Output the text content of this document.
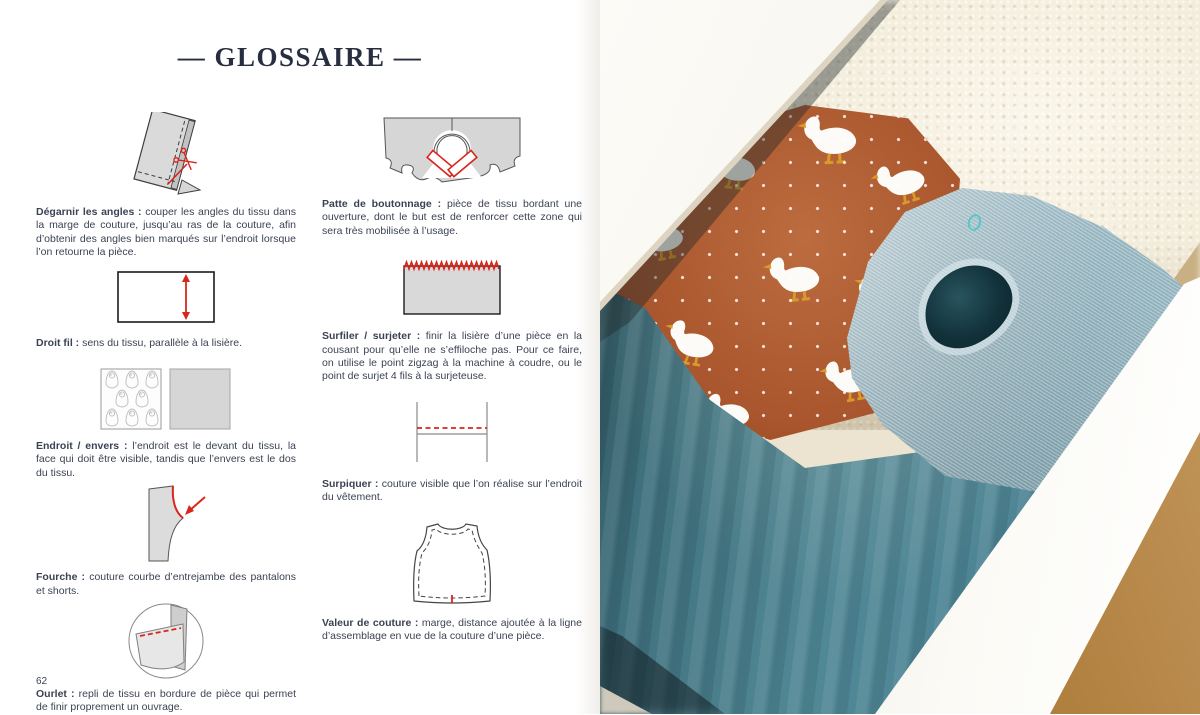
— GLOSSAIRE —

Dégarnir les angles : couper les angles du tissu dans la marge de couture, jusqu’au ras de la couture, afin d’obtenir des angles bien marqués sur l’endroit lorsque l’on retourne la pièce.

Droit fil : sens du tissu, parallèle à la lisière.

Endroit / envers : l’endroit est le devant du tissu, la face qui doit être visible, tandis que l’envers est le dos du tissu.

Fourche : couture courbe d’entrejambe des pantalons et shorts.

Ourlet : repli de tissu en bordure de pièce qui permet de finir proprement un ouvrage.

Patte de boutonnage : pièce de tissu bordant une ouverture, dont le but est de renforcer cette zone qui sera très mobilisée à l’usage.

Surfiler / surjeter : finir la lisière d’une pièce en la cousant pour qu’elle ne s’effiloche pas. Pour ce faire, on utilise le point zigzag à la machine à coudre, ou le point de surjet 4 fils à la surjeteuse.

Surpiquer : couture visible que l’on réalise sur l’endroit du vêtement.

Valeur de couture : marge, distance ajoutée à la ligne d’assemblage en vue de la couture d’une pièce.

62
